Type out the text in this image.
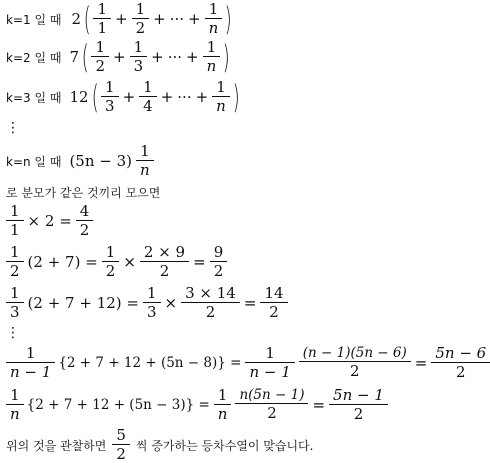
k=1 일 때 2 ( $\frac{1}{1} + \frac{1}{2}$ + ··· + $\frac{1}{n}$ )
k=2 일 때 7 ( $\frac{1}{2} + \frac{1}{3}$ + ··· + $\frac{1}{n}$ )
k=3 일 때 12 ( $\frac{1}{3} + \frac{1}{4}$ + ··· + $\frac{1}{n}$ )
⋮
k=n 일 때 $(5n - 3) \frac{1}{n}$
로 분모가 같은 것끼리 모으면
$\frac{1}{1} \times 2 = \frac{4}{2}$
$\frac{1}{2} (2 + 7) = \frac{1}{2} \times \frac{2 \times 9}{2} = \frac{9}{2}$
$\frac{1}{3} (2 + 7 + 12) = \frac{1}{3} \times \frac{3 \times 14}{2} = \frac{14}{2}$
⋮
$\frac{1}{n - 1} \{2 + 7 + 12 + (5n - 8)\} = \frac{1}{n - 1} \frac{(n - 1)(5n - 6)}{2} = \frac{5n - 6}{2}$
$\frac{1}{n} \{2 + 7 + 12 + (5n - 3)\} = \frac{1}{n} \frac{n(5n - 1)}{2} = \frac{5n - 1}{2}$
위의 것을 관찰하면 $\frac{5}{2}$ 씩 증가하는 등차수열이 맞습니다.
